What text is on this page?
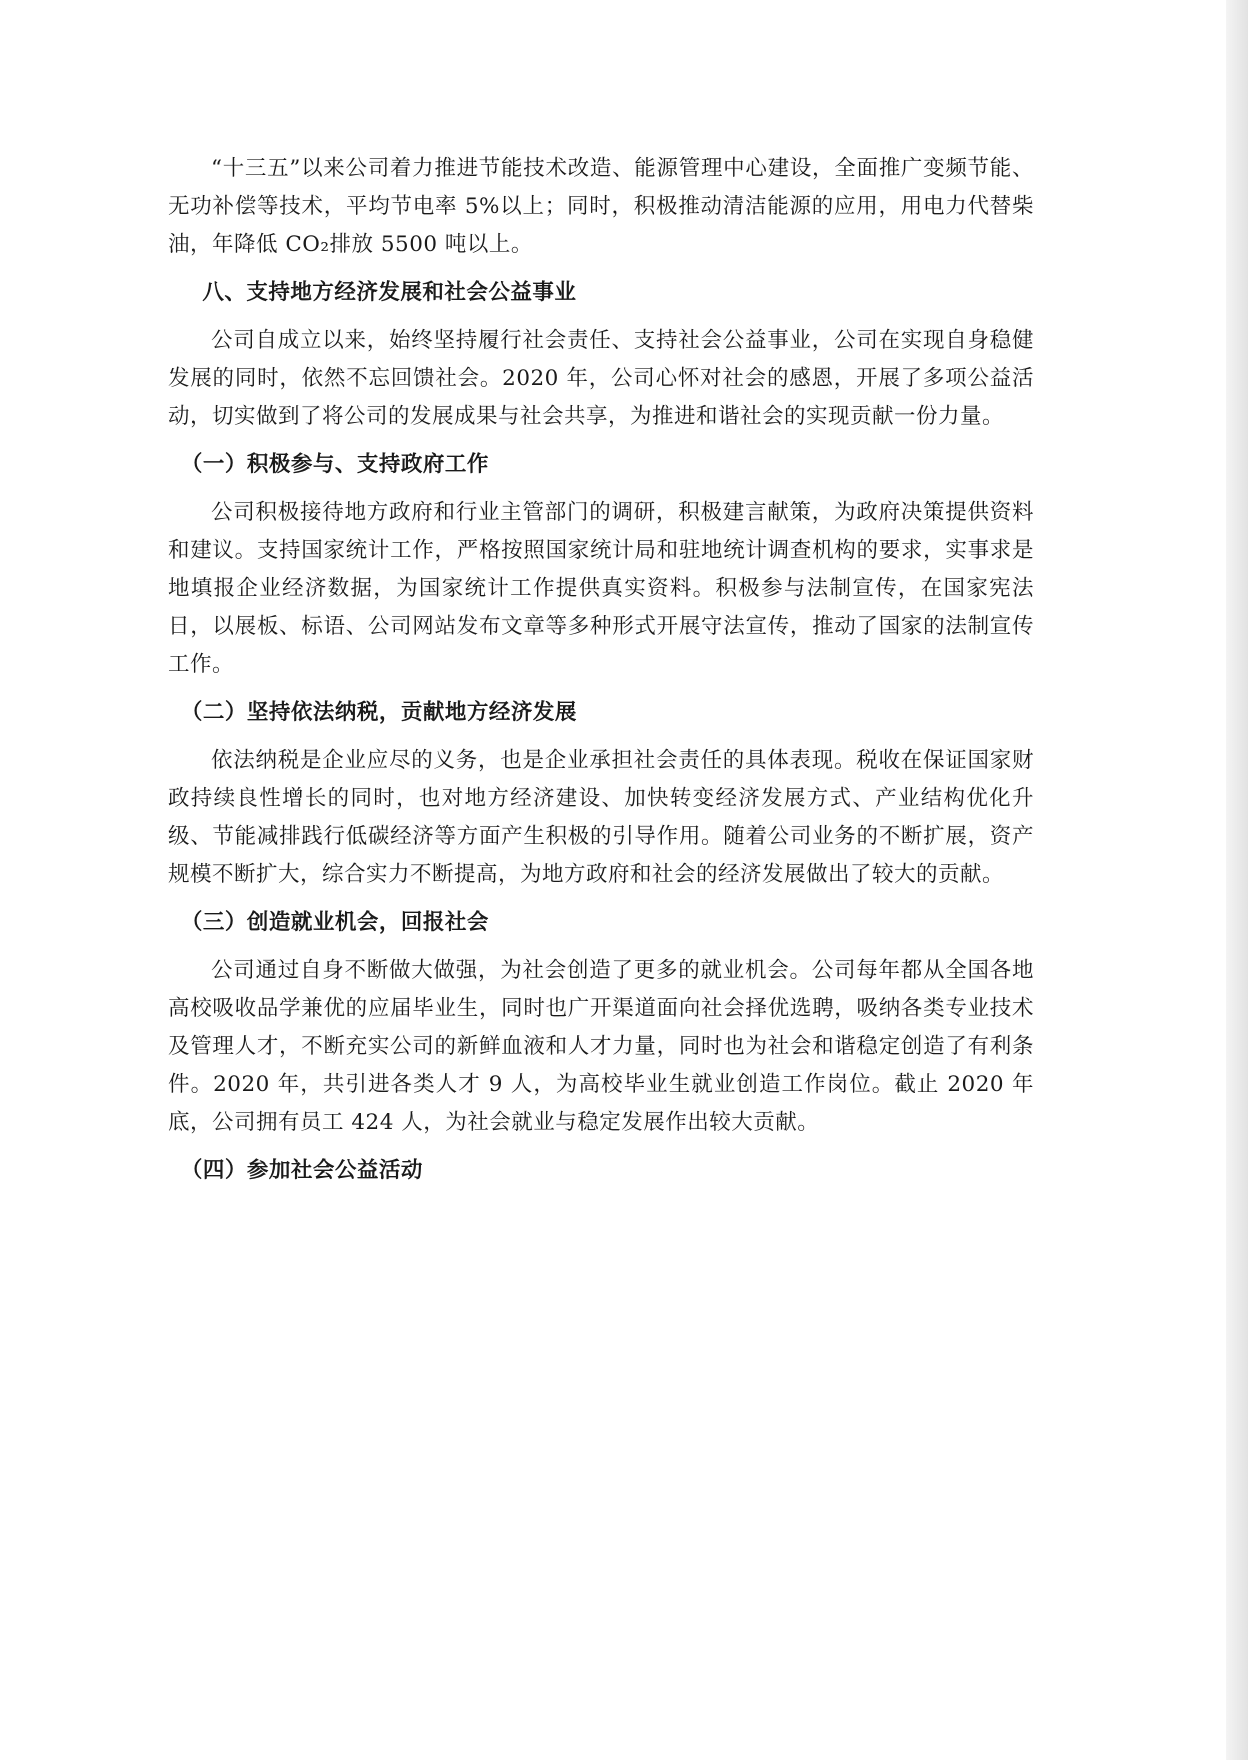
“十三五”以来公司着力推进节能技术改造、能源管理中心建设，全面推广变频节能、无功补偿等技术，平均节电率 5%以上；同时，积极推动清洁能源的应用，用电力代替柴油，年降低 CO₂排放 5500 吨以上。

八、支持地方经济发展和社会公益事业

公司自成立以来，始终坚持履行社会责任、支持社会公益事业，公司在实现自身稳健发展的同时，依然不忘回馈社会。2020 年，公司心怀对社会的感恩，开展了多项公益活动，切实做到了将公司的发展成果与社会共享，为推进和谐社会的实现贡献一份力量。

（一）积极参与、支持政府工作

公司积极接待地方政府和行业主管部门的调研，积极建言献策，为政府决策提供资料和建议。支持国家统计工作，严格按照国家统计局和驻地统计调查机构的要求，实事求是地填报企业经济数据，为国家统计工作提供真实资料。积极参与法制宣传，在国家宪法日，以展板、标语、公司网站发布文章等多种形式开展守法宣传，推动了国家的法制宣传工作。

（二）坚持依法纳税，贡献地方经济发展

依法纳税是企业应尽的义务，也是企业承担社会责任的具体表现。税收在保证国家财政持续良性增长的同时，也对地方经济建设、加快转变经济发展方式、产业结构优化升级、节能减排践行低碳经济等方面产生积极的引导作用。随着公司业务的不断扩展，资产规模不断扩大，综合实力不断提高，为地方政府和社会的经济发展做出了较大的贡献。

（三）创造就业机会，回报社会

公司通过自身不断做大做强，为社会创造了更多的就业机会。公司每年都从全国各地高校吸收品学兼优的应届毕业生，同时也广开渠道面向社会择优选聘，吸纳各类专业技术及管理人才，不断充实公司的新鲜血液和人才力量，同时也为社会和谐稳定创造了有利条件。2020 年，共引进各类人才 9 人，为高校毕业生就业创造工作岗位。截止 2020 年底，公司拥有员工 424 人，为社会就业与稳定发展作出较大贡献。

（四）参加社会公益活动
